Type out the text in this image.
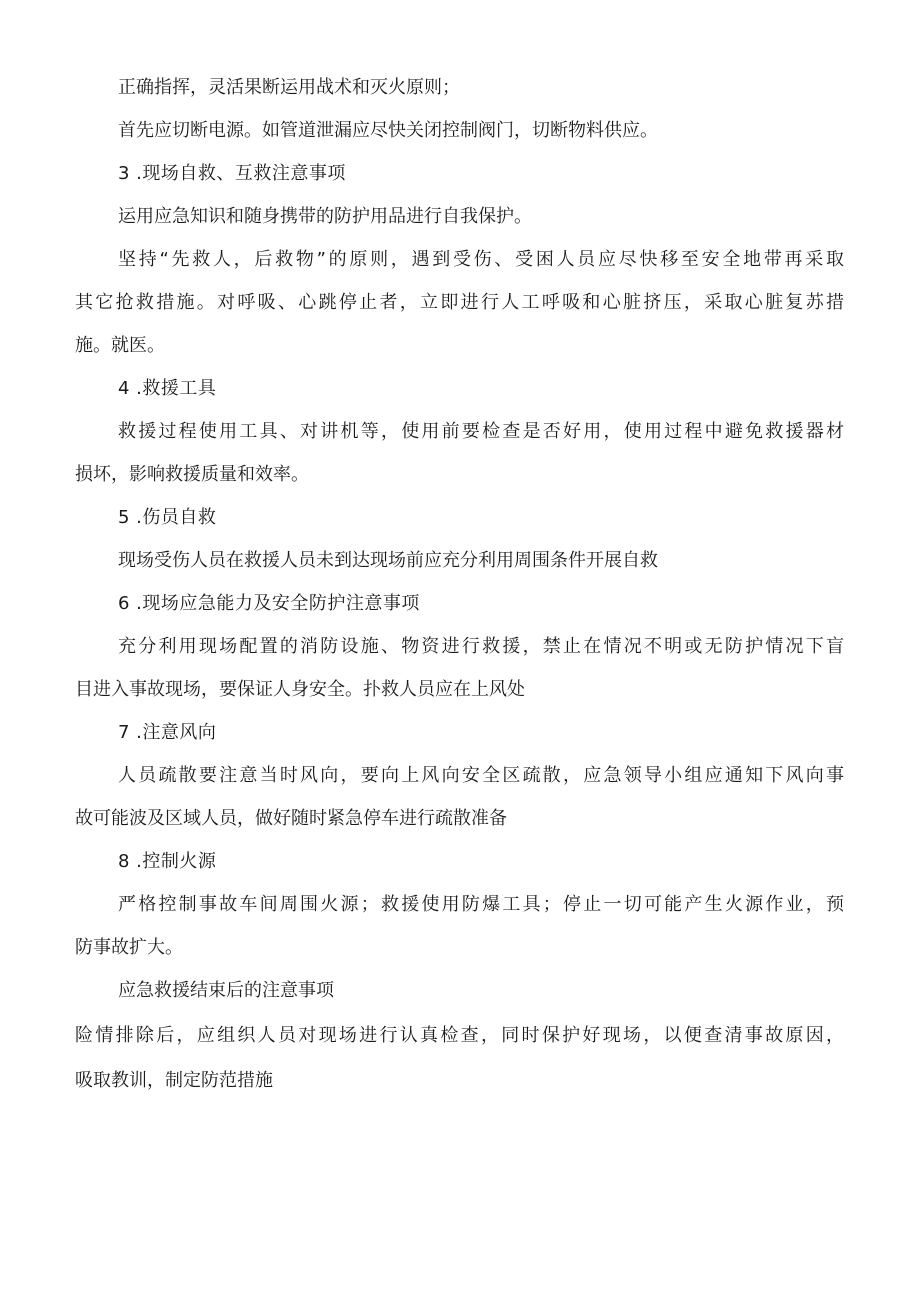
正确指挥，灵活果断运用战术和灭火原则；
首先应切断电源。如管道泄漏应尽快关闭控制阀门，切断物料供应。
3 .现场自救、互救注意事项
运用应急知识和随身携带的防护用品进行自我保护。
坚持“先救人，后救物”的原则，遇到受伤、受困人员应尽快移至安全地带再采取
其它抢救措施。对呼吸、心跳停止者，立即进行人工呼吸和心脏挤压，采取心脏复苏措
施。就医。
4 .救援工具
救援过程使用工具、对讲机等，使用前要检查是否好用，使用过程中避免救援器材
损坏，影响救援质量和效率。
5 .伤员自救
现场受伤人员在救援人员未到达现场前应充分利用周围条件开展自救
6 .现场应急能力及安全防护注意事项
充分利用现场配置的消防设施、物资进行救援，禁止在情况不明或无防护情况下盲
目进入事故现场，要保证人身安全。扑救人员应在上风处
7 .注意风向
人员疏散要注意当时风向，要向上风向安全区疏散，应急领导小组应通知下风向事
故可能波及区域人员，做好随时紧急停车进行疏散准备
8 .控制火源
严格控制事故车间周围火源；救援使用防爆工具；停止一切可能产生火源作业，预
防事故扩大。
应急救援结束后的注意事项
险情排除后，应组织人员对现场进行认真检查，同时保护好现场，以便查清事故原因，
吸取教训，制定防范措施
